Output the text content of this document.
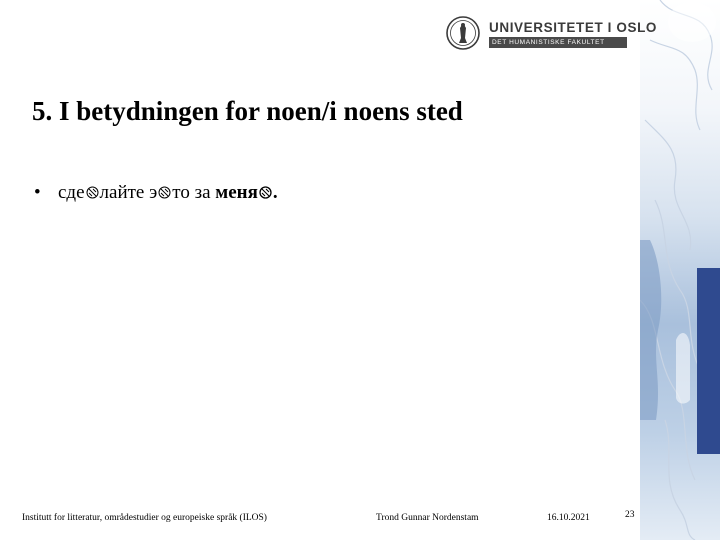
UNIVERSITETET I OSLO
DET HUMANISTISKE FAKULTET
5. I betydningen for noen/i noens sted
• сде лайте э то за меня .
Institutt for litteratur, områdestudier og europeiske språk (ILOS)	Trond Gunnar Nordenstam	16.10.2021	23
